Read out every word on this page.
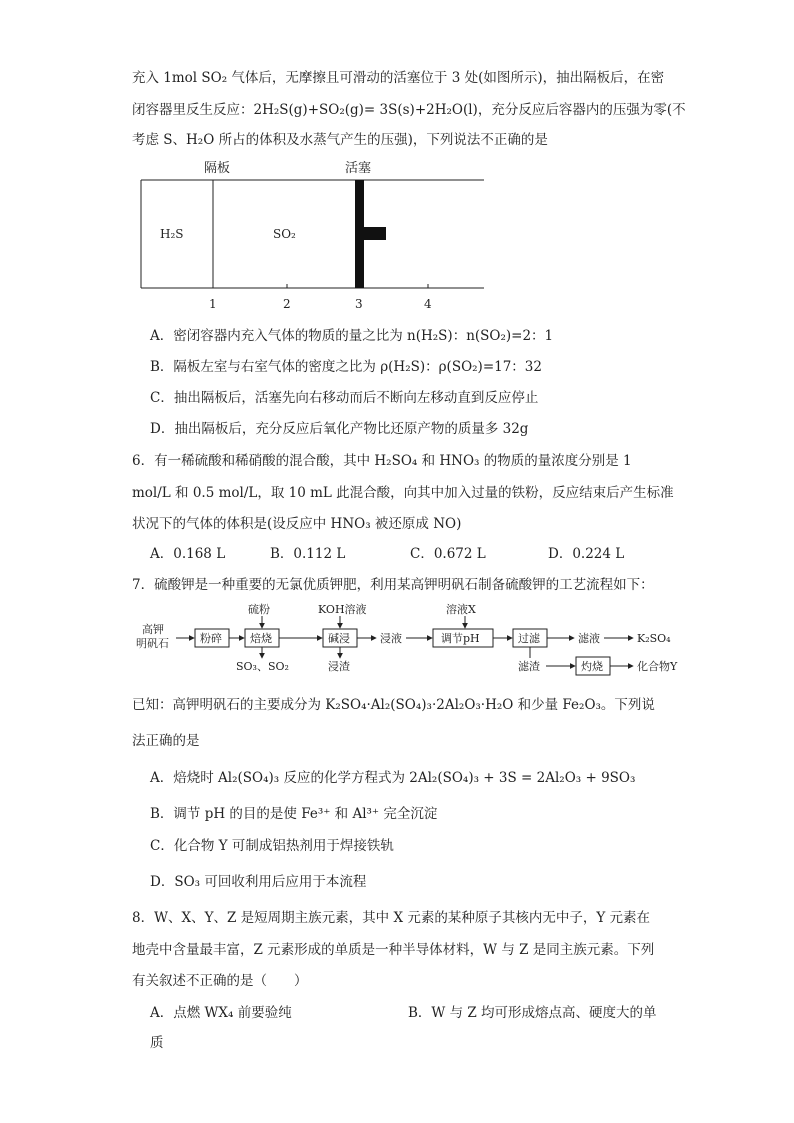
充入 1mol SO₂ 气体后，无摩擦且可滑动的活塞位于 3 处(如图所示)，抽出隔板后，在密
闭容器里反生反应：2H₂S(g)+SO₂(g)= 3S(s)+2H₂O(l)，充分反应后容器内的压强为零(不
考虑 S、H₂O 所占的体积及水蒸气产生的压强)，下列说法不正确的是
隔板	活塞
H₂S	SO₂
1	2	3	4
A．密闭容器内充入气体的物质的量之比为 n(H₂S)：n(SO₂)=2：1
B．隔板左室与右室气体的密度之比为 ρ(H₂S)：ρ(SO₂)=17：32
C．抽出隔板后，活塞先向右移动而后不断向左移动直到反应停止
D．抽出隔板后，充分反应后氧化产物比还原产物的质量多 32g
6．有一稀硫酸和稀硝酸的混合酸，其中 H₂SO₄ 和 HNO₃ 的物质的量浓度分别是 1
mol/L 和 0.5 mol/L，取 10 mL 此混合酸，向其中加入过量的铁粉，反应结束后产生标准
状况下的气体的体积是(设反应中 HNO₃ 被还原成 NO)
A．0.168 L	B．0.112 L	C．0.672 L	D．0.224 L
7．硫酸钾是一种重要的无氯优质钾肥，利用某高钾明矾石制备硫酸钾的工艺流程如下：
高钾
明矾石	粉碎
硫粉
焙烧
SO₃、SO₂
KOH溶液
碱浸
浸渣
浸液
溶液X
调节pH	过滤	滤液	K₂SO₄
滤渣	灼烧	化合物Y
已知：高钾明矾石的主要成分为 K₂SO₄·Al₂(SO₄)₃·2Al₂O₃·H₂O 和少量 Fe₂O₃。下列说
法正确的是
A．焙烧时 Al₂(SO₄)₃ 反应的化学方程式为 2Al₂(SO₄)₃ + 3S = 2Al₂O₃ + 9SO₃
B．调节 pH 的目的是使 Fe³⁺ 和 Al³⁺ 完全沉淀
C．化合物 Y 可制成铝热剂用于焊接铁轨
D．SO₃ 可回收利用后应用于本流程
8．W、X、Y、Z 是短周期主族元素，其中 X 元素的某种原子其核内无中子，Y 元素在
地壳中含量最丰富，Z 元素形成的单质是一种半导体材料，W 与 Z 是同主族元素。下列
有关叙述不正确的是（　　）
A．点燃 WX₄ 前要验纯	B．W 与 Z 均可形成熔点高、硬度大的单
质
